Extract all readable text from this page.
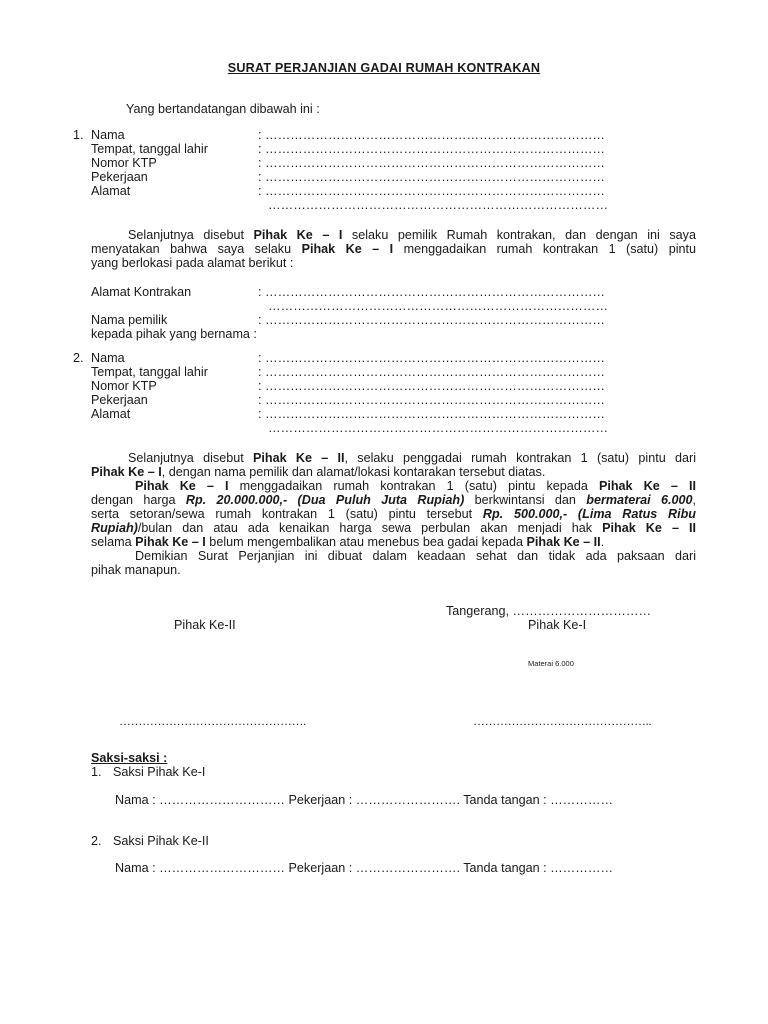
SURAT PERJANJIAN GADAI RUMAH KONTRAKAN
Yang bertandatangan dibawah ini :
1. Nama	: ………………………………………………………………………
Tempat, tanggal lahir	: ………………………………………………………………………
Nomor KTP	: ………………………………………………………………………
Pekerjaan	: ………………………………………………………………………
Alamat	: ………………………………………………………………………
………………………………………………………………………

Selanjutnya disebut Pihak Ke – I selaku pemilik Rumah kontrakan, dan dengan ini saya

menyatakan bahwa saya selaku Pihak Ke – I menggadaikan rumah kontrakan 1 (satu) pintu

yang berlokasi pada alamat berikut :

Alamat Kontrakan	: ………………………………………………………………………
………………………………………………………………………
Nama pemilik	: ………………………………………………………………………
kepada pihak yang bernama :
2. Nama	: ………………………………………………………………………
Tempat, tanggal lahir	: ………………………………………………………………………
Nomor KTP	: ………………………………………………………………………
Pekerjaan	: ………………………………………………………………………
Alamat	: ………………………………………………………………………
………………………………………………………………………

Selanjutnya disebut Pihak Ke – II, selaku penggadai rumah kontrakan 1 (satu) pintu dari

Pihak Ke – I, dengan nama pemilik dan alamat/lokasi kontarakan tersebut diatas.

Pihak Ke – I menggadaikan rumah kontrakan 1 (satu) pintu kepada Pihak Ke – II

dengan harga Rp. 20.000.000,- (Dua Puluh Juta Rupiah) berkwintansi dan bermaterai 6.000,

serta setoran/sewa rumah kontrakan 1 (satu) pintu tersebut Rp. 500.000,- (Lima Ratus Ribu

Rupiah)/bulan dan atau ada kenaikan harga sewa perbulan akan menjadi hak Pihak Ke – II

selama Pihak Ke – I belum mengembalikan atau menebus bea gadai kepada Pihak Ke – II.

Demikian Surat Perjanjian ini dibuat dalam keadaan sehat dan tidak ada paksaan dari

pihak manapun.

Tangerang, ……………………………
Pihak Ke-II	Pihak Ke-I
Materai 6.000
………………………………………….	………………………………………..
Saksi-saksi :
1. Saksi Pihak Ke-I
Nama : ………………………… Pekerjaan : ……………………. Tanda tangan : ……………
2. Saksi Pihak Ke-II
Nama : ………………………… Pekerjaan : ……………………. Tanda tangan : ……………
